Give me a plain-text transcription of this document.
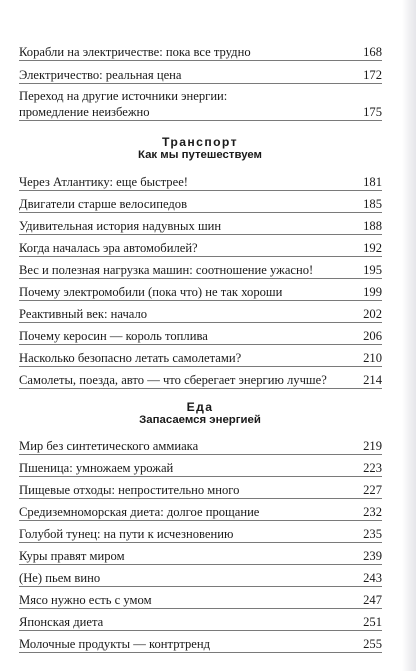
Корабли на электричестве: пока все трудно	168
Электричество: реальная цена	172
Переход на другие источники энергии:
промедление неизбежно	175
Транспорт
Как мы путешествуем
Через Атлантику: еще быстрее!	181
Двигатели старше велосипедов	185
Удивительная история надувных шин	188
Когда началась эра автомобилей?	192
Вес и полезная нагрузка машин: соотношение ужасно!	195
Почему электромобили (пока что) не так хороши	199
Реактивный век: начало	202
Почему керосин — король топлива	206
Насколько безопасно летать самолетами?	210
Самолеты, поезда, авто — что сберегает энергию лучше?	214
Еда
Запасаемся энергией
Мир без синтетического аммиака	219
Пшеница: умножаем урожай	223
Пищевые отходы: непростительно много	227
Средиземноморская диета: долгое прощание	232
Голубой тунец: на пути к исчезновению	235
Куры правят миром	239
(Не) пьем вино	243
Мясо нужно есть с умом	247
Японская диета	251
Молочные продукты — контртренд	255
